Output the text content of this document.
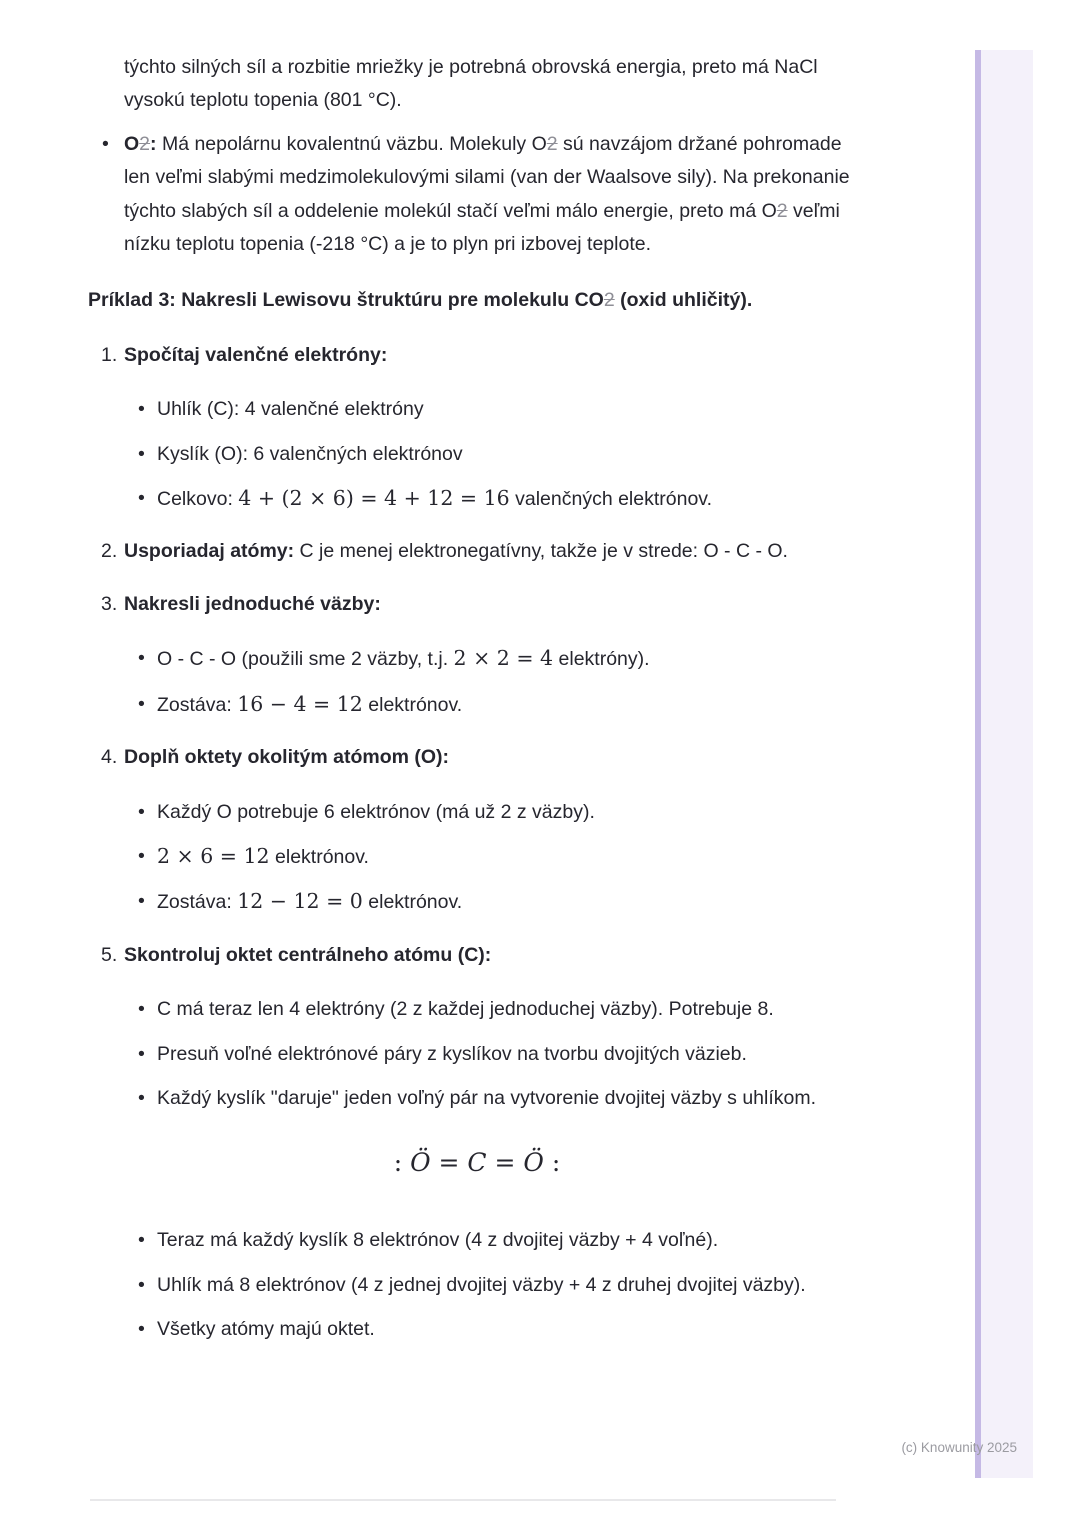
týchto silných síl a rozbitie mriežky je potrebná obrovská energia, preto má NaCl vysokú teplotu topenia (801 °C).

• O2: Má nepolárnu kovalentnú väzbu. Molekuly O2 sú navzájom držané pohromade len veľmi slabými medzimolekulovými silami (van der Waalsove sily). Na prekonanie týchto slabých síl a oddelenie molekúl stačí veľmi málo energie, preto má O2 veľmi nízku teplotu topenia (-218 °C) a je to plyn pri izbovej teplote.

Príklad 3: Nakresli Lewisovu štruktúru pre molekulu CO2 (oxid uhličitý).

1. Spočítaj valenčné elektróny:
• Uhlík (C): 4 valenčné elektróny
• Kyslík (O): 6 valenčných elektrónov
• Celkovo: 4 + (2 × 6) = 4 + 12 = 16 valenčných elektrónov.
2. Usporiadaj atómy: C je menej elektronegatívny, takže je v strede: O - C - O.
3. Nakresli jednoduché väzby:
• O - C - O (použili sme 2 väzby, t.j. 2 × 2 = 4 elektróny).
• Zostáva: 16 − 4 = 12 elektrónov.
4. Doplň oktety okolitým atómom (O):
• Každý O potrebuje 6 elektrónov (má už 2 z väzby).
• 2 × 6 = 12 elektrónov.
• Zostáva: 12 − 12 = 0 elektrónov.
5. Skontroluj oktet centrálneho atómu (C):
• C má teraz len 4 elektróny (2 z každej jednoduchej väzby). Potrebuje 8.
• Presuň voľné elektrónové páry z kyslíkov na tvorbu dvojitých väzieb.
• Každý kyslík "daruje" jeden voľný pár na vytvorenie dvojitej väzby s uhlíkom.
: Ö = C = Ö :
• Teraz má každý kyslík 8 elektrónov (4 z dvojitej väzby + 4 voľné).
• Uhlík má 8 elektrónov (4 z jednej dvojitej väzby + 4 z druhej dvojitej väzby).
• Všetky atómy majú oktet.
(c) Knowunity 2025
